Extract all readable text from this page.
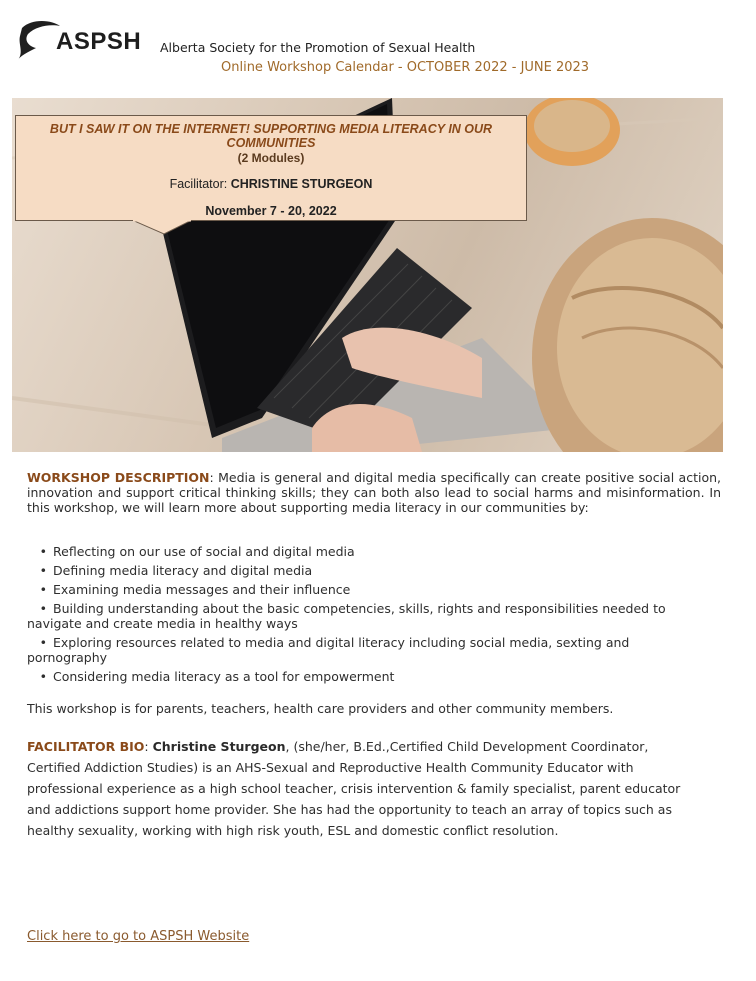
ASPSH Alberta Society for the Promotion of Sexual Health
Online Workshop Calendar - OCTOBER 2022 - JUNE 2023
BUT I SAW IT ON THE INTERNET! SUPPORTING MEDIA LITERACY IN OUR COMMUNITIES
(2 Modules)
Facilitator: CHRISTINE STURGEON
November 7 - 20, 2022
WORKSHOP DESCRIPTION: Media is general and digital media specifically can create positive social action, innovation and support critical thinking skills; they can both also lead to social harms and misinformation. In this workshop, we will learn more about supporting media literacy in our communities by:
• Reflecting on our use of social and digital media
• Defining media literacy and digital media
• Examining media messages and their influence
• Building understanding about the basic competencies, skills, rights and responsibilities needed to navigate and create media in healthy ways
• Exploring resources related to media and digital literacy including social media, sexting and pornography
• Considering media literacy as a tool for empowerment
This workshop is for parents, teachers, health care providers and other community members.
FACILITATOR BIO: Christine Sturgeon, (she/her, B.Ed.,Certified Child Development Coordinator, Certified Addiction Studies) is an AHS-Sexual and Reproductive Health Community Educator with professional experience as a high school teacher, crisis intervention & family specialist, parent educator and addictions support home provider. She has had the opportunity to teach an array of topics such as healthy sexuality, working with high risk youth, ESL and domestic conflict resolution.
Click here to go to ASPSH Website
